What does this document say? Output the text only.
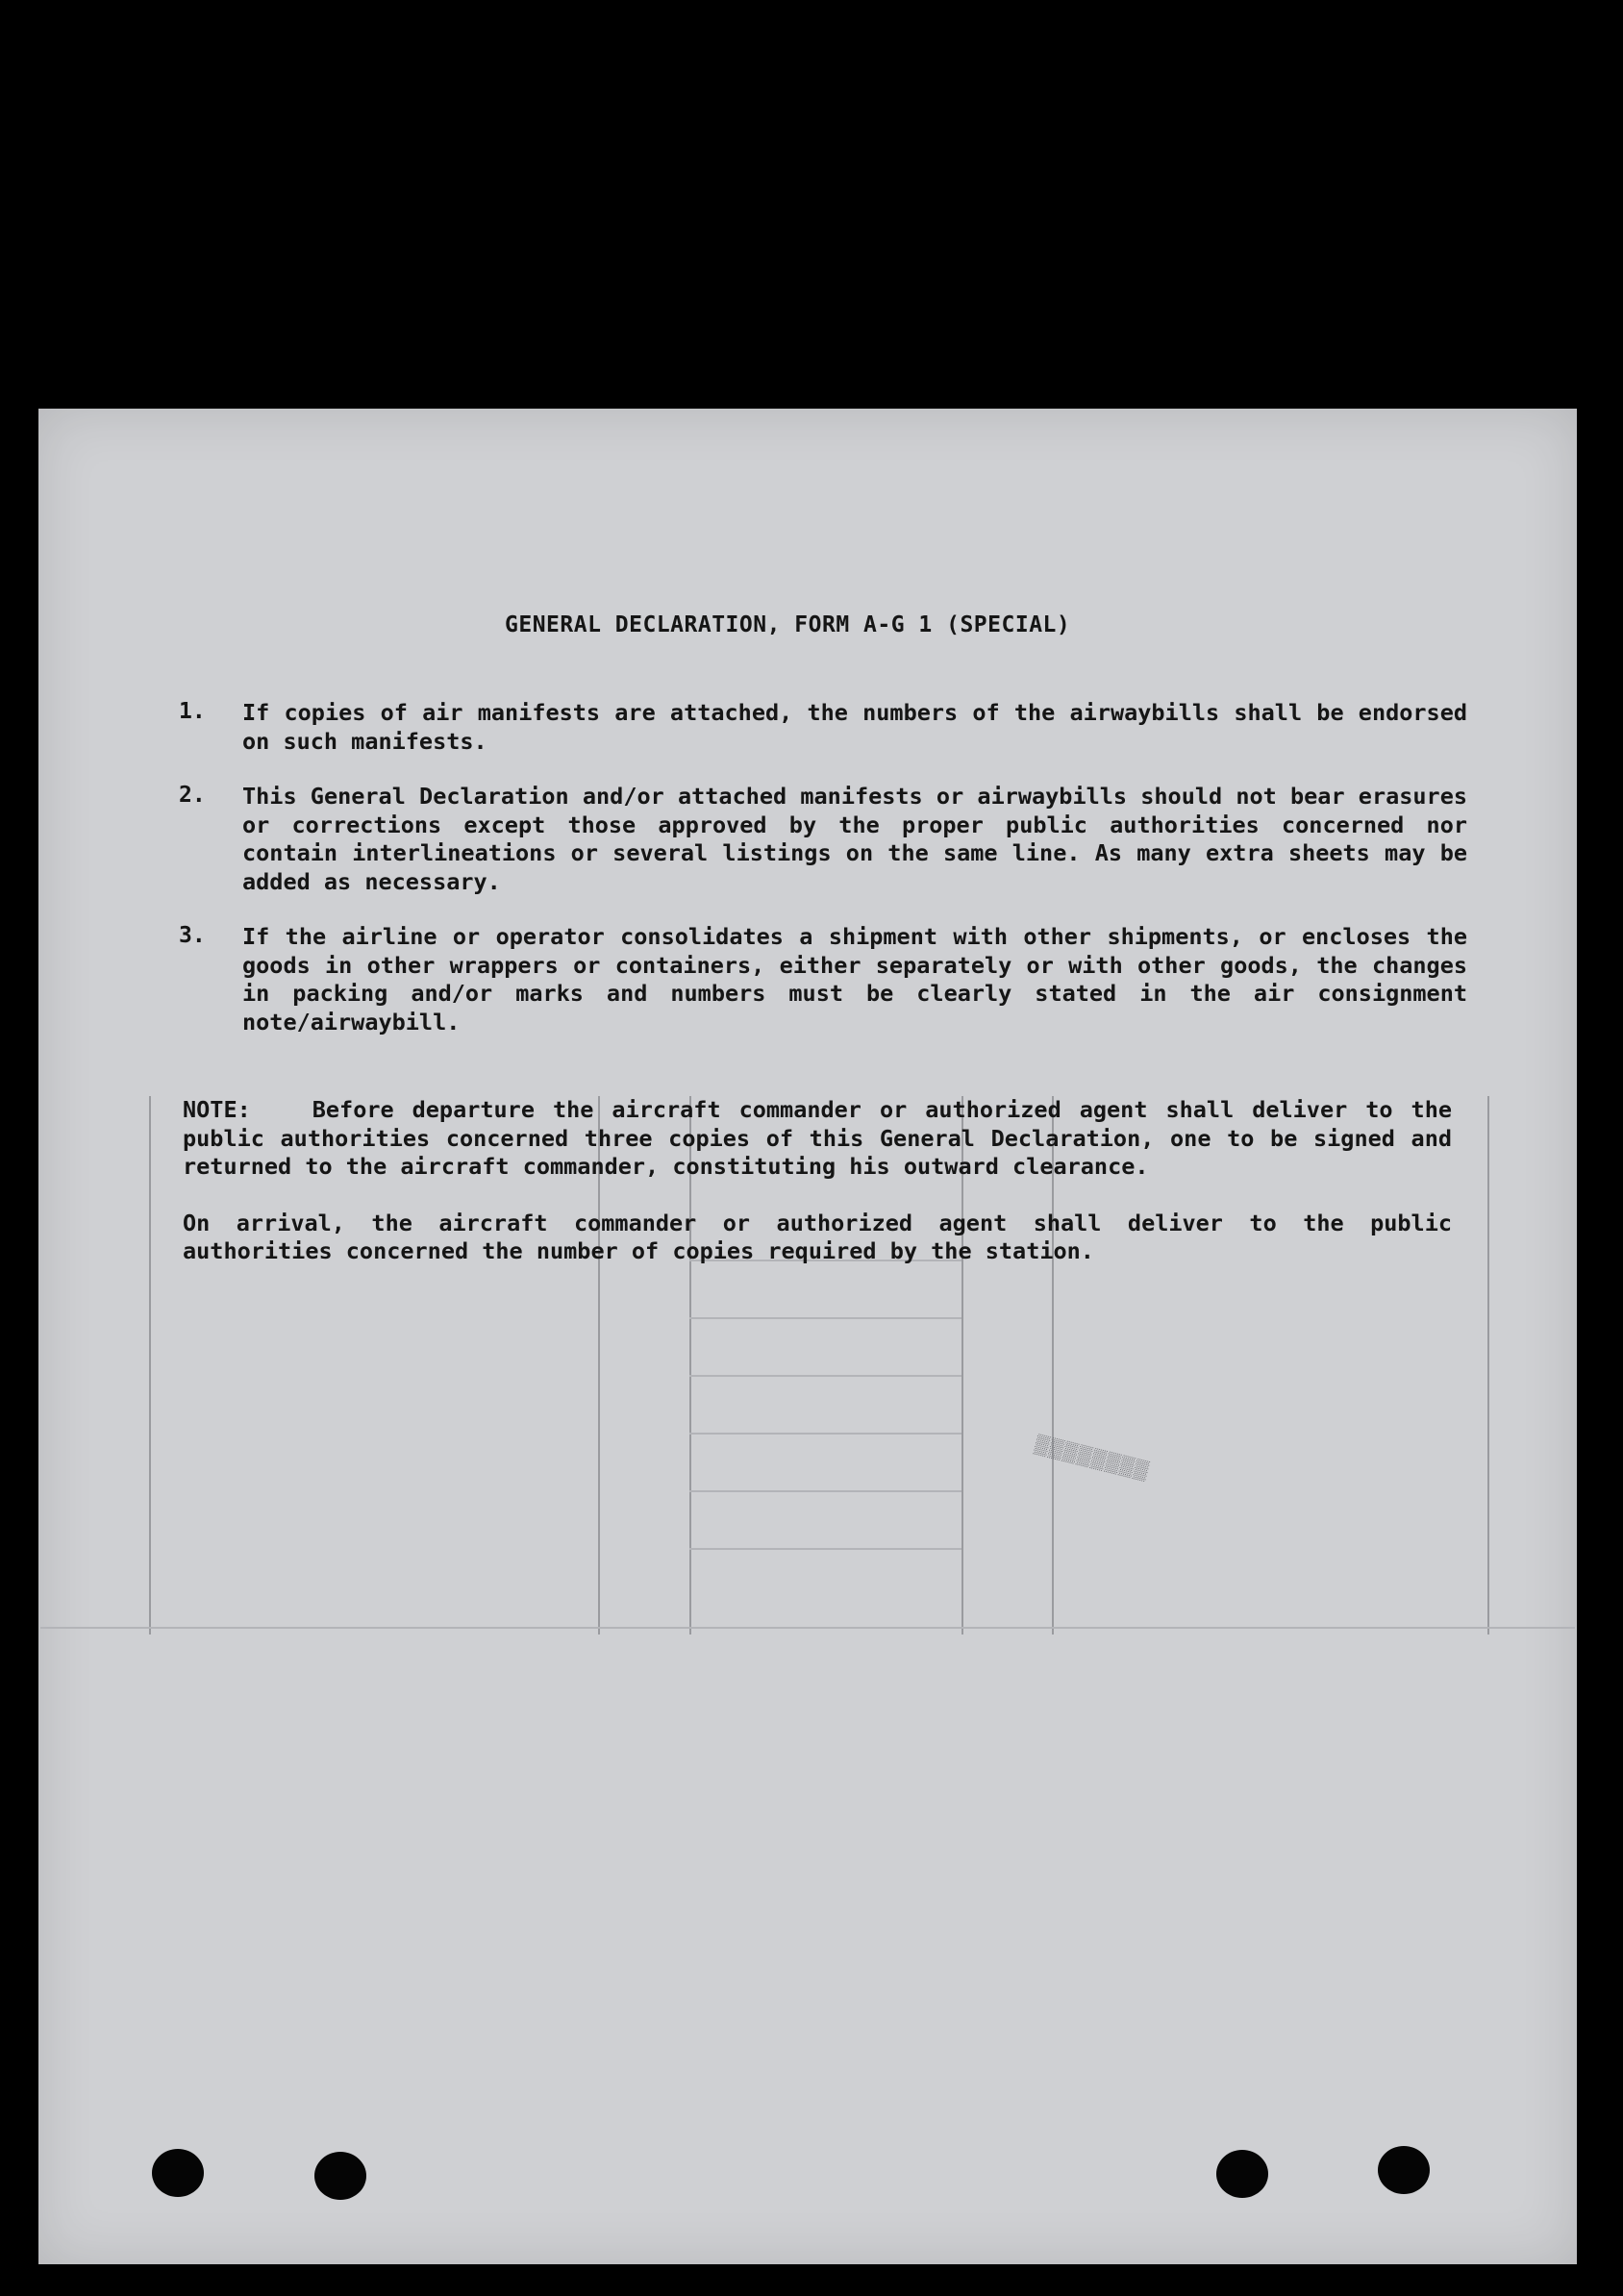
▒▒▒▒▒▒▒▒
GENERAL DECLARATION, FORM A-G 1 (SPECIAL)
1. If copies of air manifests are attached, the numbers of the airwaybills shall be endorsed on such manifests.
2. This General Declaration and/or attached manifests or airwaybills should not bear erasures or corrections except those approved by the proper public authorities concerned nor contain interlineations or several listings on the same line. As many extra sheets may be added as necessary.
3. If the airline or operator consolidates a shipment with other shipments, or encloses the goods in other wrappers or containers, either separately or with other goods, the changes in packing and/or marks and numbers must be clearly stated in the air consignment note/airwaybill.

NOTE:	Before departure the aircraft commander or authorized agent shall deliver to the public authorities concerned three copies of this General Declaration, one to be signed and returned to the aircraft commander, constituting his outward clearance.

On arrival, the aircraft commander or authorized agent shall deliver to the public authorities concerned the number of copies required by the station.
